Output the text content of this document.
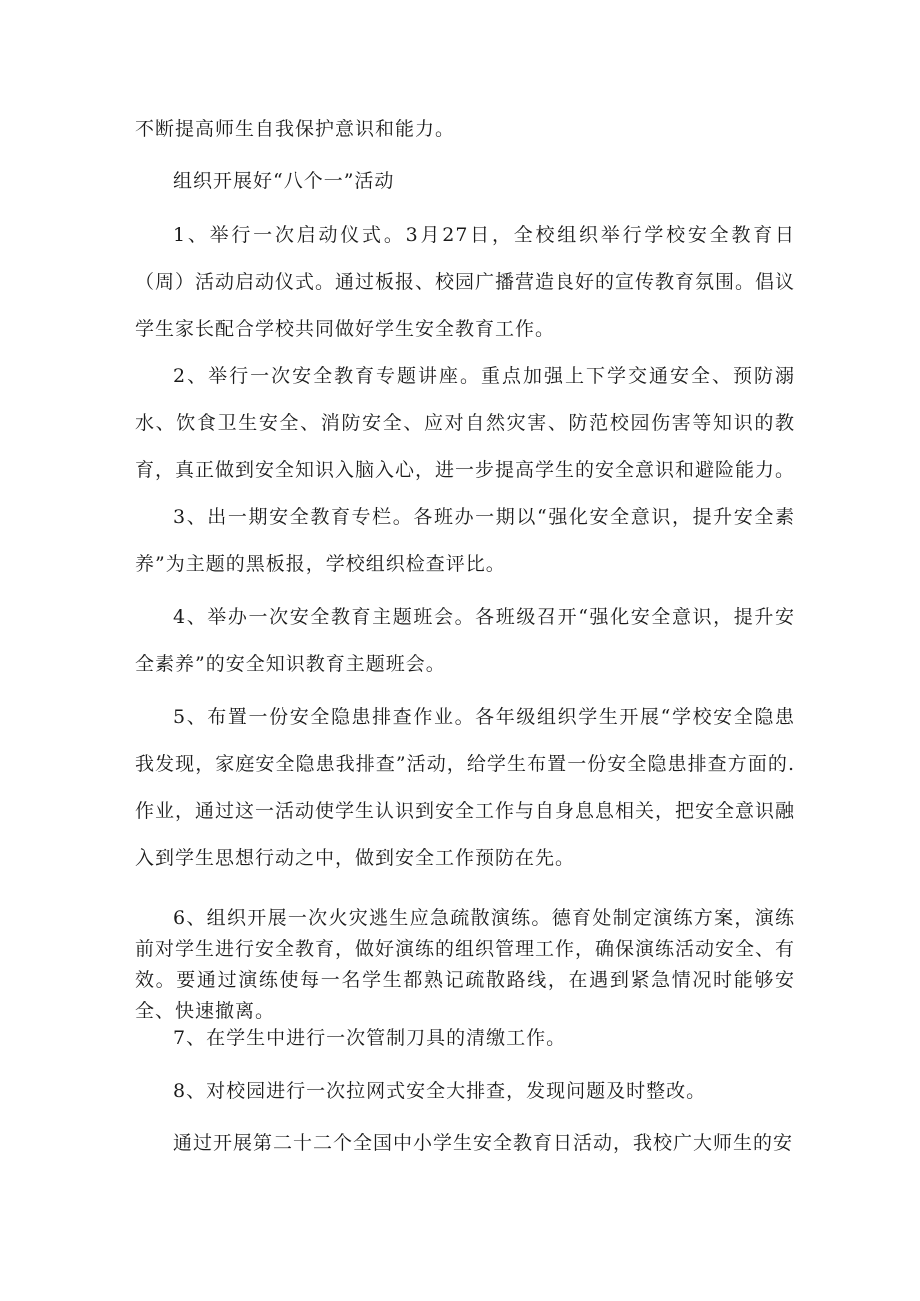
不断提高师生自我保护意识和能力。

组织开展好“八个一”活动

1、举行一次启动仪式。3月27日，全校组织举行学校安全教育日（周）活动启动仪式。通过板报、校园广播营造良好的宣传教育氛围。倡议学生家长配合学校共同做好学生安全教育工作。

2、举行一次安全教育专题讲座。重点加强上下学交通安全、预防溺水、饮食卫生安全、消防安全、应对自然灾害、防范校园伤害等知识的教育，真正做到安全知识入脑入心，进一步提高学生的安全意识和避险能力。

3、出一期安全教育专栏。各班办一期以“强化安全意识，提升安全素养”为主题的黑板报，学校组织检查评比。

4、举办一次安全教育主题班会。各班级召开“强化安全意识，提升安全素养”的安全知识教育主题班会。

5、布置一份安全隐患排查作业。各年级组织学生开展“学校安全隐患我发现，家庭安全隐患我排查”活动，给学生布置一份安全隐患排查方面的.作业，通过这一活动使学生认识到安全工作与自身息息相关，把安全意识融入到学生思想行动之中，做到安全工作预防在先。

6、组织开展一次火灾逃生应急疏散演练。德育处制定演练方案，演练前对学生进行安全教育，做好演练的组织管理工作，确保演练活动安全、有效。要通过演练使每一名学生都熟记疏散路线，在遇到紧急情况时能够安全、快速撤离。

7、在学生中进行一次管制刀具的清缴工作。

8、对校园进行一次拉网式安全大排查，发现问题及时整改。

通过开展第二十二个全国中小学生安全教育日活动，我校广大师生的安
